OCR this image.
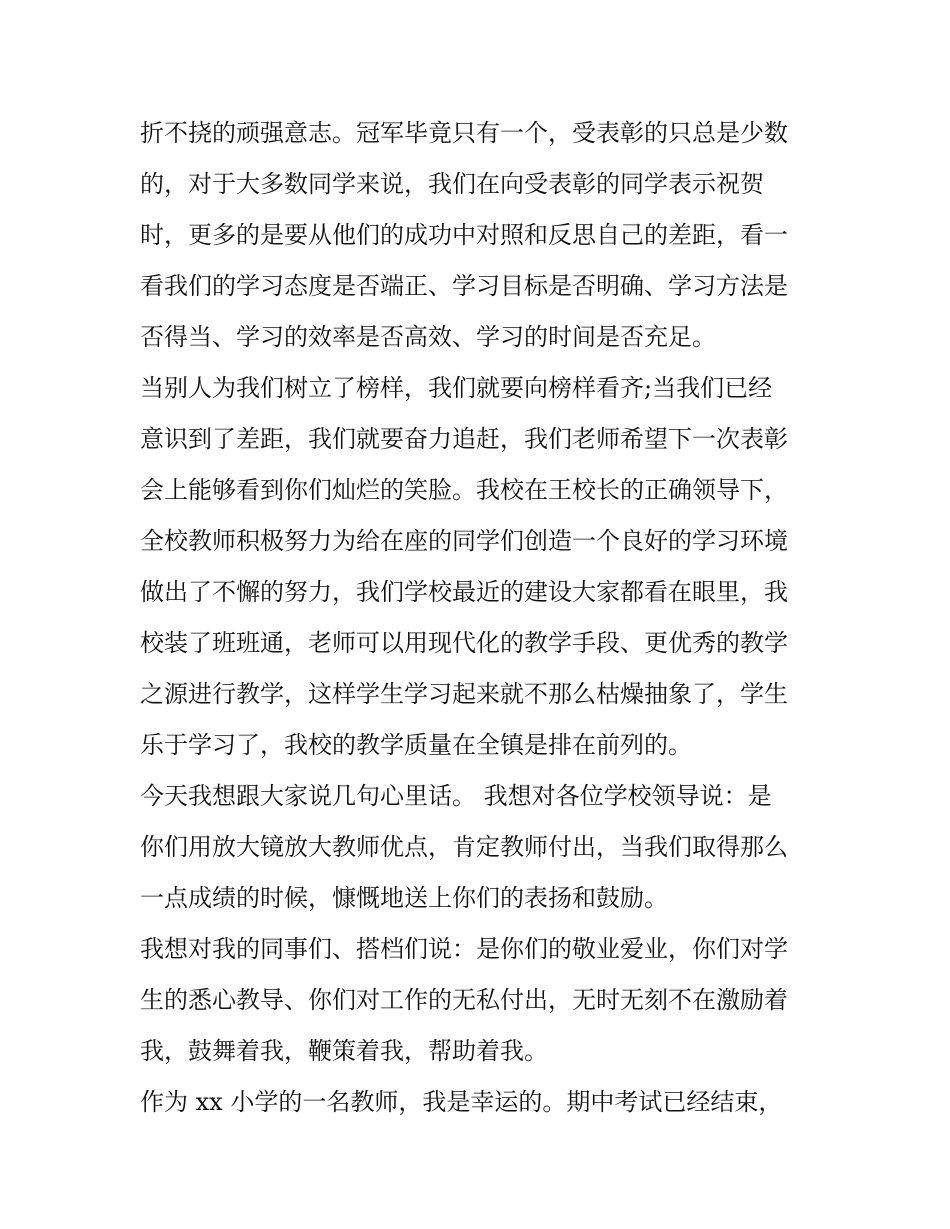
折不挠的顽强意志。冠军毕竟只有一个，受表彰的只总是少数
的，对于大多数同学来说，我们在向受表彰的同学表示祝贺
时，更多的是要从他们的成功中对照和反思自己的差距，看一
看我们的学习态度是否端正、学习目标是否明确、学习方法是
否得当、学习的效率是否高效、学习的时间是否充足。
当别人为我们树立了榜样，我们就要向榜样看齐;当我们已经
意识到了差距，我们就要奋力追赶，我们老师希望下一次表彰
会上能够看到你们灿烂的笑脸。我校在王校长的正确领导下，
全校教师积极努力为给在座的同学们创造一个良好的学习环境
做出了不懈的努力，我们学校最近的建设大家都看在眼里，我
校装了班班通，老师可以用现代化的教学手段、更优秀的教学
之源进行教学，这样学生学习起来就不那么枯燥抽象了，学生
乐于学习了，我校的教学质量在全镇是排在前列的。
今天我想跟大家说几句心里话。 我想对各位学校领导说：是
你们用放大镜放大教师优点，肯定教师付出，当我们取得那么
一点成绩的时候，慷慨地送上你们的表扬和鼓励。
我想对我的同事们、搭档们说：是你们的敬业爱业，你们对学
生的悉心教导、你们对工作的无私付出，无时无刻不在激励着
我，鼓舞着我，鞭策着我，帮助着我。
作为 xx 小学的一名教师，我是幸运的。期中考试已经结束，
